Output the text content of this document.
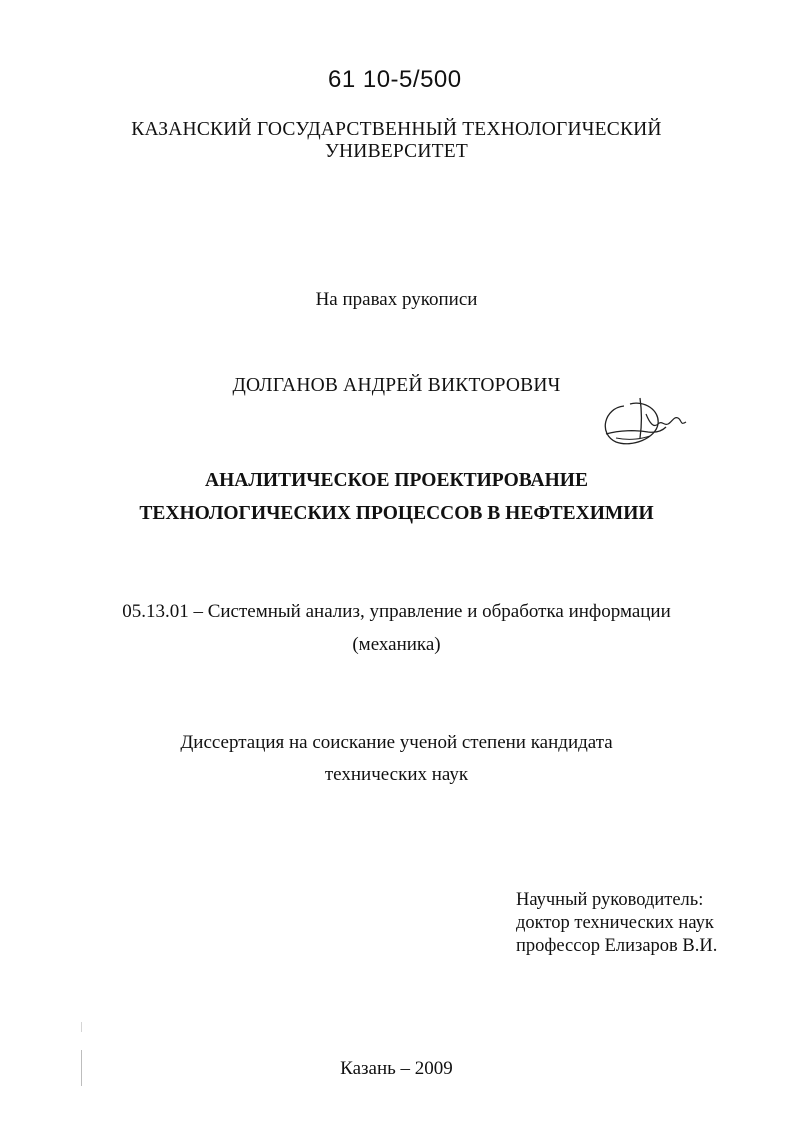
61 10-5/500
КАЗАНСКИЙ ГОСУДАРСТВЕННЫЙ ТЕХНОЛОГИЧЕСКИЙ
УНИВЕРСИТЕТ
На правах рукописи
ДОЛГАНОВ АНДРЕЙ ВИКТОРОВИЧ
АНАЛИТИЧЕСКОЕ ПРОЕКТИРОВАНИЕ
ТЕХНОЛОГИЧЕСКИХ ПРОЦЕССОВ В НЕФТЕХИМИИ
05.13.01 – Системный анализ, управление и обработка информации
(механика)
Диссертация на соискание ученой степени кандидата
технических наук
Научный руководитель:
доктор технических наук
профессор Елизаров В.И.
Казань – 2009
